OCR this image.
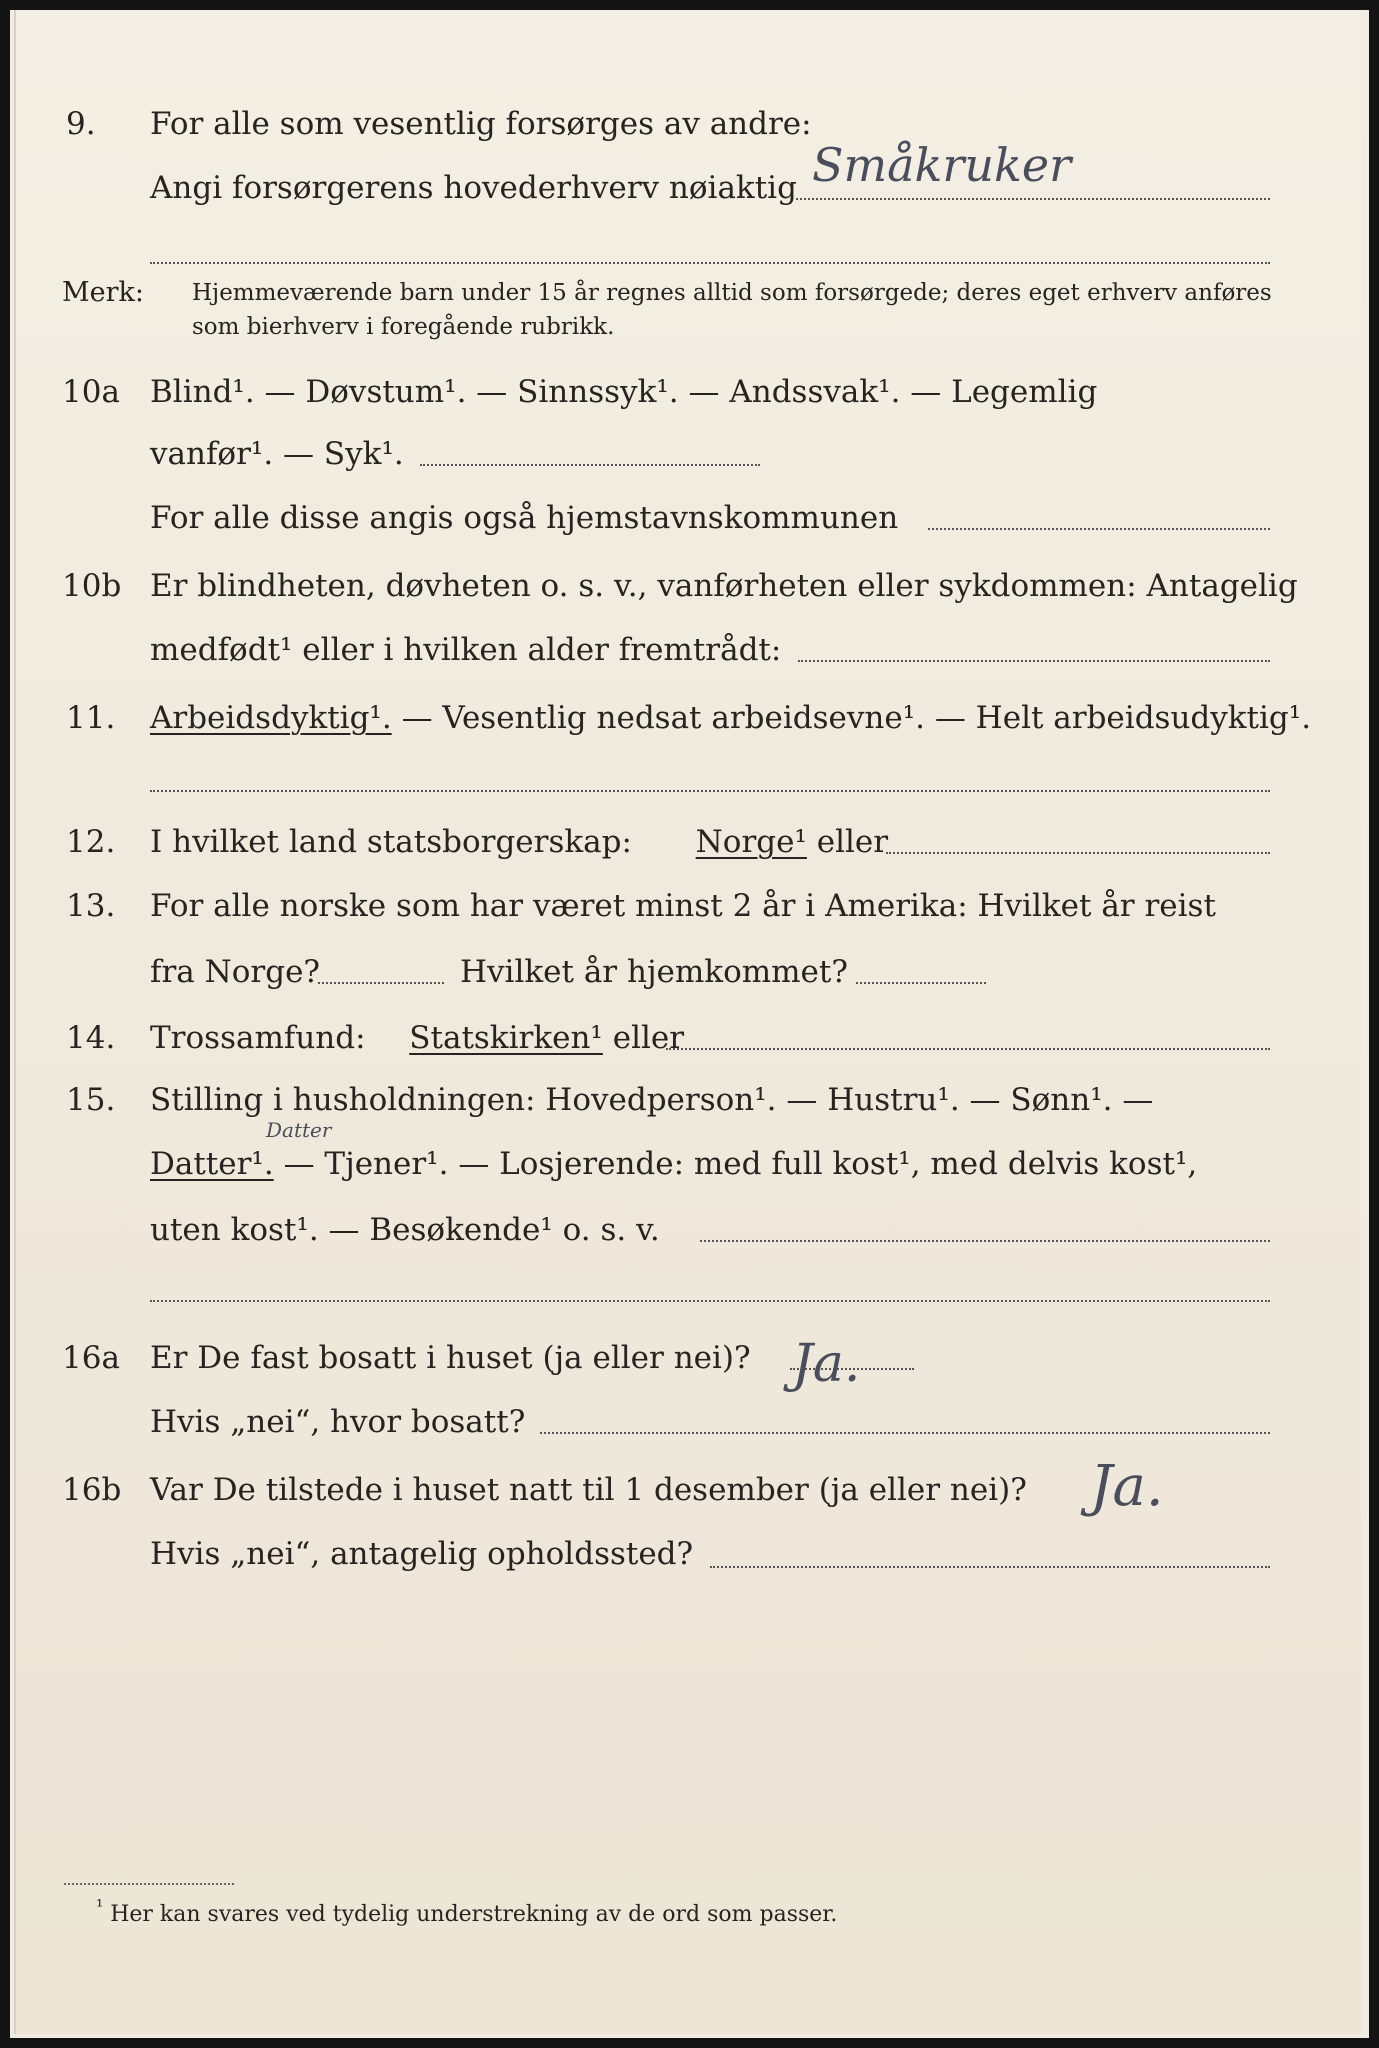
9. For alle som vesentlig forsørges av andre:
Angi forsørgerens hovederhverv nøiaktig Småkruker
Merk: Hjemmeværende barn under 15 år regnes alltid som forsørgede; deres eget erhverv anføres som bierhverv i foregående rubrikk.
10a Blind¹. — Døvstum¹. — Sinnssyk¹. — Andssvak¹. — Legemlig
vanfør¹. — Syk¹.
For alle disse angis også hjemstavnskommunen
10b Er blindheten, døvheten o. s. v., vanførheten eller sykdommen: Antagelig
medfødt¹ eller i hvilken alder fremtrådt:
11. Arbeidsdyktig¹. — Vesentlig nedsat arbeidsevne¹. — Helt arbeidsudyktig¹.
12. I hvilket land statsborgerskap: Norge¹ eller
13. For alle norske som har været minst 2 år i Amerika: Hvilket år reist
fra Norge?	Hvilket år hjemkommet?
14. Trossamfund: Statskirken¹ eller
15. Stilling i husholdningen: Hovedperson¹. — Hustru¹. — Sønn¹. —
Datter
Datter¹. — Tjener¹. — Losjerende: med full kost¹, med delvis kost¹,
uten kost¹. — Besøkende¹ o. s. v.
16a Er De fast bosatt i huset (ja eller nei)? Ja.
Hvis „nei“, hvor bosatt?
16b Var De tilstede i huset natt til 1 desember (ja eller nei)? Ja.
Hvis „nei“, antagelig opholdssted?
$^{^1}$ Her kan svares ved tydelig understrekning av de ord som passer.
